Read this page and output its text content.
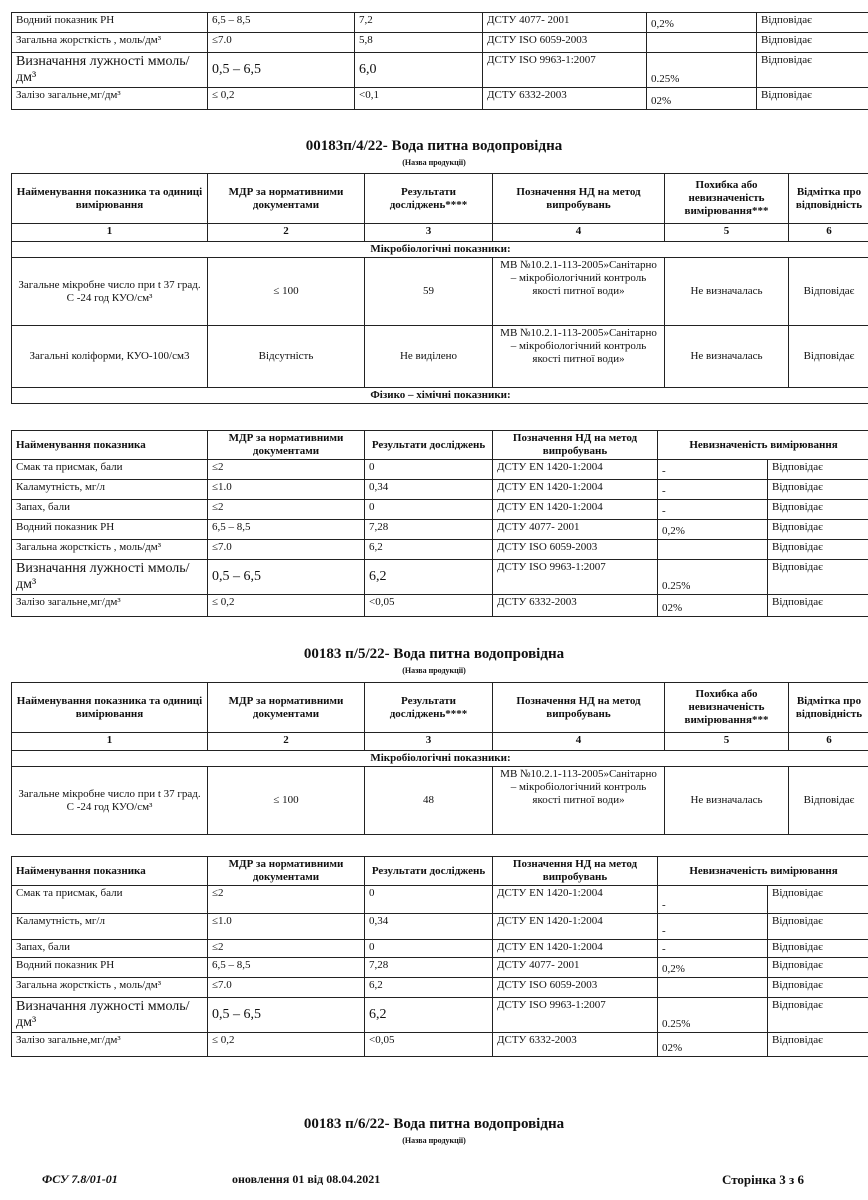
Водний показник РН	6,5 – 8,5	7,2	ДСТУ 4077- 2001	0,2%	Відповідає
Загальна жорсткість , моль/дм³	≤7.0	5,8	ДСТУ ISO 6059-2003		Відповідає
Визначання лужності ммоль/дм³	0,5 – 6,5	6,0	ДСТУ ISO 9963-1:2007	0.25%	Відповідає
Залізо загальне,мг/дм³	≤ 0,2	<0,1	ДСТУ 6332-2003	02%	Відповідає
00183п/4/22- Вода питна водопровідна
(Назва продукції)
Найменування показника та одиниці вимірювання	МДР за нормативними документами	Результати досліджень****	Позначення НД на метод випробувань	Похибка або невизначеність вимірювання***	Відмітка про відповідність
1	2	3	4	5	6
Мікробіологічні показники:					
Загальне мікробне число при t 37 град. С -24 год КУО/см³	≤ 100	59	МВ №10.2.1-113-2005»Санітарно – мікробіологічний контроль якості питної води»	Не визначалась	Відповідає
Загальні коліформи, КУО-100/см3	Відсутність	Не виділено	МВ №10.2.1-113-2005»Санітарно – мікробіологічний контроль якості питної води»	Не визначалась	Відповідає
Фізико – хімічні показники:					
Найменування показника	МДР за нормативними документами	Результати досліджень	Позначення НД на метод випробувань	Невизначеність вимірювання	
Смак та присмак, бали	≤2	0	ДСТУ EN 1420-1:2004	-	Відповідає
Каламутність, мг/л	≤1.0	0,34	ДСТУ EN 1420-1:2004	-	Відповідає
Запах, бали	≤2	0	ДСТУ EN 1420-1:2004	-	Відповідає
Водний показник РН	6,5 – 8,5	7,28	ДСТУ 4077- 2001	0,2%	Відповідає
Загальна жорсткість , моль/дм³	≤7.0	6,2	ДСТУ ISO 6059-2003		Відповідає
Визначання лужності ммоль/дм³	0,5 – 6,5	6,2	ДСТУ ISO 9963-1:2007	0.25%	Відповідає
Залізо загальне,мг/дм³	≤ 0,2	<0,05	ДСТУ 6332-2003	02%	Відповідає
00183 п/5/22- Вода питна водопровідна
(Назва продукції)
Найменування показника та одиниці вимірювання	МДР за нормативними документами	Результати досліджень****	Позначення НД на метод випробувань	Похибка або невизначеність вимірювання***	Відмітка про відповідність
1	2	3	4	5	6
Мікробіологічні показники:					
Загальне мікробне число при t 37 град. С -24 год КУО/см³	≤ 100	48	МВ №10.2.1-113-2005»Санітарно – мікробіологічний контроль якості питної води»	Не визначалась	Відповідає
Найменування показника	МДР за нормативними документами	Результати досліджень	Позначення НД на метод випробувань	Невизначеність вимірювання	
Смак та присмак, бали	≤2	0	ДСТУ EN 1420-1:2004	-	Відповідає
Каламутність, мг/л	≤1.0	0,34	ДСТУ EN 1420-1:2004	-	Відповідає
Запах, бали	≤2	0	ДСТУ EN 1420-1:2004	-	Відповідає
Водний показник РН	6,5 – 8,5	7,28	ДСТУ 4077- 2001	0,2%	Відповідає
Загальна жорсткість , моль/дм³	≤7.0	6,2	ДСТУ ISO 6059-2003		Відповідає
Визначання лужності ммоль/дм³	0,5 – 6,5	6,2	ДСТУ ISO 9963-1:2007	0.25%	Відповідає
Залізо загальне,мг/дм³	≤ 0,2	<0,05	ДСТУ 6332-2003	02%	Відповідає
00183 п/6/22- Вода питна водопровідна
(Назва продукції)
ФСУ 7.8/01-01	оновлення 01 від 08.04.2021	Сторінка 3 з 6
